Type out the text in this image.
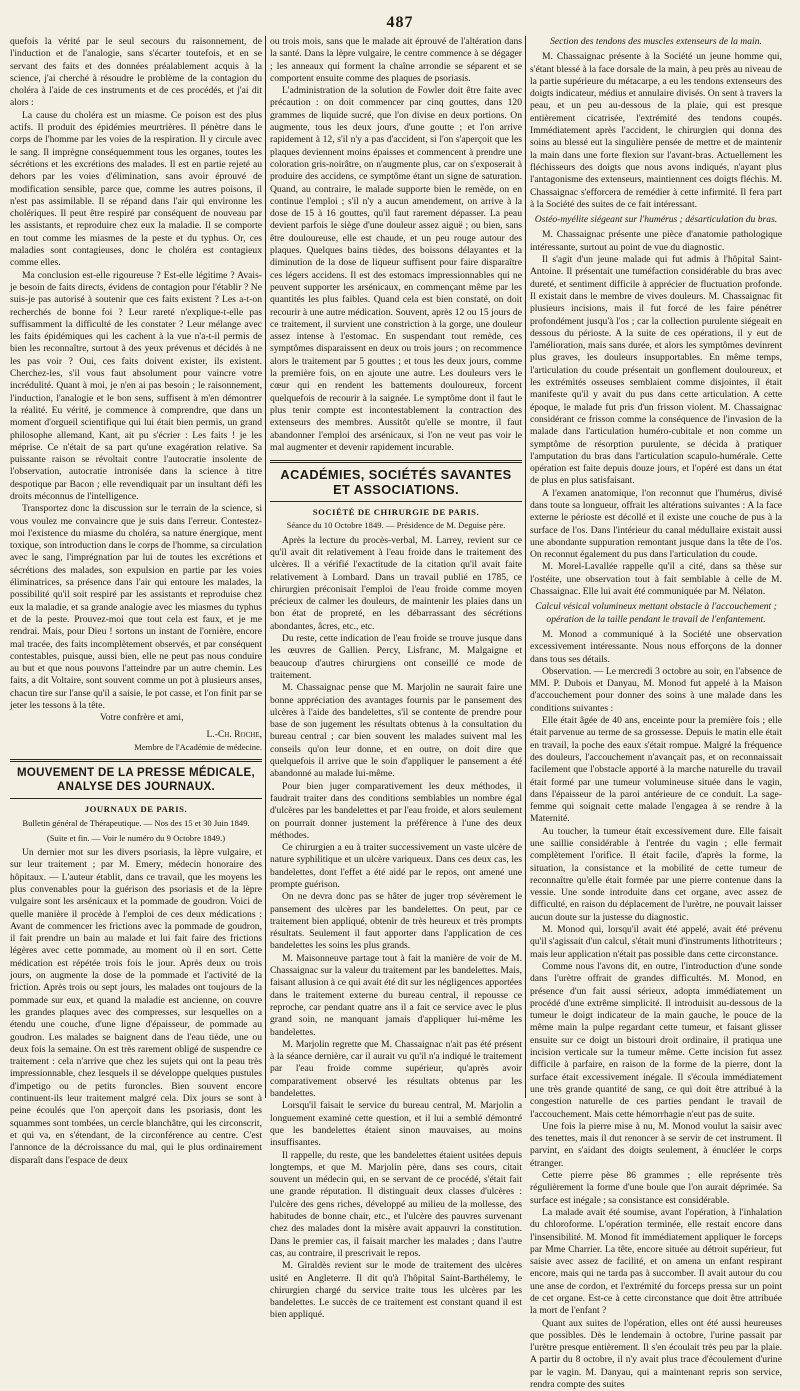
487

quefois la vérité par le seul secours du raisonnement, de l'induction et de l'analogie, sans s'écarter toutefois, et en se servant des faits et des données préalablement acquis à la science, j'ai cherché à résoudre le problème de la contagion du choléra à l'aide de ces instruments et de ces procédés, et j'ai dit alors :

La cause du choléra est un miasme. Ce poison est des plus actifs. Il produit des épidémies meurtrières. Il pénètre dans le corps de l'homme par les voies de la respiration. Il y circule avec le sang. Il imprègne conséquemment tous les organes, toutes les sécrétions et les excrétions des malades. Il est en partie rejeté au dehors par les voies d'élimination, sans avoir éprouvé de modification sensible, parce que, comme les autres poisons, il n'est pas assimilable. Il se répand dans l'air qui environne les cholériques. Il peut être respiré par conséquent de nouveau par les assistants, et reproduire chez eux la maladie. Il se comporte en tout comme les miasmes de la peste et du typhus. Or, ces maladies sont contagieuses, donc le choléra est contagieux comme elles.

Ma conclusion est-elle rigoureuse ? Est-elle légitime ? Avais-je besoin de faits directs, évidens de contagion pour l'établir ? Ne suis-je pas autorisé à soutenir que ces faits existent ? Les a-t-on recherchés de bonne foi ? Leur rareté n'explique-t-elle pas suffisamment la difficulté de les constater ? Leur mélange avec les faits épidémiques qui les cachent à la vue n'a-t-il permis de bien les reconnaître, surtout à des yeux prévenus et décidés à ne les pas voir ? Oui, ces faits doivent exister, ils existent. Cherchez-les, s'il vous faut absolument pour vaincre votre incrédulité. Quant à moi, je n'en ai pas besoin ; le raisonnement, l'induction, l'analogie et le bon sens, suffisent à m'en démontrer la réalité. Eu vérité, je commence à comprendre, que dans un moment d'orgueil scientifique qui lui était bien permis, un grand philosophe allemand, Kant, ait pu s'écrier : Les faits ! je les méprise. Ce n'était de sa part qu'une exagération relative. Sa puissante raison se révoltait contre l'autocratie insolente de l'observation, autocratie intronisée dans la science à titre despotique par Bacon ; elle revendiquait par un insultant défi les droits méconnus de l'intelligence.

Transportez donc la discussion sur le terrain de la science, si vous voulez me convaincre que je suis dans l'erreur. Contestez-moi l'existence du miasme du choléra, sa nature énergique, ment toxique, son introduction dans le corps de l'homme, sa circulation avec le sang, l'imprégnation par lui de toutes les excrétions et sécrétions des malades, son expulsion en partie par les voies éliminatrices, sa présence dans l'air qui entoure les malades, la possibilité qu'il soit respiré par les assistants et reproduise chez eux la maladie, et sa grande analogie avec les miasmes du typhus et de la peste. Prouvez-moi que tout cela est faux, et je me rendrai. Mais, pour Dieu ! sortons un instant de l'ornière, encore mal tracée, des faits incomplètement observés, et par conséquent contestables, puisque, aussi bien, elle ne peut pas nous conduire au but et que nous pouvons l'atteindre par un autre chemin. Les faits, a dit Voltaire, sont souvent comme un pot à plusieurs anses, chacun tire sur l'anse qu'il a saisie, le pot casse, et l'on finit par se jeter les tessons à la tête.

Votre confrère et ami,

L.-Ch. Roche,
Membre de l'Académie de médecine.
MOUVEMENT DE LA PRESSE MÉDICALE, ANALYSE DES JOURNAUX.
JOURNAUX DE PARIS.
Bulletin général de Thérapeutique. — Nos des 15 et 30 Juin 1849.
(Suite et fin. — Voir le numéro du 9 Octobre 1849.)

Un dernier mot sur les divers psoriasis, la lèpre vulgaire, et sur leur traitement ; par M. Emery, médecin honoraire des hôpitaux. — L'auteur établit, dans ce travail, que les moyens les plus convenables pour la guérison des psoriasis et de la lèpre vulgaire sont les arsénicaux et la pommade de goudron. Voici de quelle manière il procède à l'emploi de ces deux médications : Avant de commencer les frictions avec la pommade de goudron, il fait prendre un bain au malade et lui fait faire des frictions légères avec cette pommade, au moment où il en sort. Cette médication est répétée trois fois le jour. Après deux ou trois jours, on augmente la dose de la pommade et l'activité de la friction. Après trois ou sept jours, les malades ont toujours de la pommade sur eux, et quand la maladie est ancienne, on couvre les grandes plaques avec des compresses, sur lesquelles on a étendu une couche, d'une ligne d'épaisseur, de pommade au goudron. Les malades se baignent dans de l'eau tiède, une ou deux fois la semaine. On est très rarement obligé de suspendre ce traitement : cela n'arrive que chez les sujets qui ont la peau très impressionnable, chez lesquels il se développe quelques pustules d'impetigo ou de petits furoncles. Bien souvent encore continuent-ils leur traitement malgré cela. Dix jours se sont à peine écoulés que l'on aperçoit dans les psoriasis, dont les squammes sont tombées, un cercle blanchâtre, qui les circonscrit, et qui va, en s'étendant, de la circonférence au centre. C'est l'annonce de la décroissance du mal, qui le plus ordinairement disparaît dans l'espace de deux

ou trois mois, sans que le malade ait éprouvé de l'altération dans la santé. Dans la lèpre vulgaire, le centre commence à se dégager ; les anneaux qui forment la chaîne arrondie se séparent et se comportent ensuite comme des plaques de psoriasis.

L'administration de la solution de Fowler doit être faite avec précaution : on doit commencer par cinq gouttes, dans 120 grammes de liquide sucré, que l'on divise en deux portions. On augmente, tous les deux jours, d'une goutte ; et l'on arrive rapidement à 12, s'il n'y a pas d'accident, si l'on s'aperçoit que les plaques deviennent moins épaisses et commencent à prendre une coloration gris-noirâtre, on n'augmente plus, car on s'exposerait à produire des accidens, ce symptôme étant un signe de saturation. Quand, au contraire, le malade supporte bien le remède, on en continue l'emploi ; s'il n'y a aucun amendement, on arrive à la dose de 15 à 16 gouttes, qu'il faut rarement dépasser. La peau devient parfois le siège d'une douleur assez aiguë ; ou bien, sans être douloureuse, elle est chaude, et un peu rouge autour des plaques. Quelques bains tièdes, des boissons délayantes et la diminution de la dose de liqueur suffisent pour faire disparaître ces légers accidens. Il est des estomacs impressionnables qui ne peuvent supporter les arsénicaux, en commençant même par les quantités les plus faibles. Quand cela est bien constaté, on doit recourir à une autre médication. Souvent, après 12 ou 15 jours de ce traitement, il survient une constriction à la gorge, une douleur assez intense à l'estomac. En suspendant tout remède, ces symptômes disparaissent en deux ou trois jours ; on recommence alors le traitement par 5 gouttes ; et tous les deux jours, comme la première fois, on en ajoute une autre. Les douleurs vers le cœur qui en rendent les battements douloureux, forcent quelquefois de recourir à la saignée. Le symptôme dont il faut le plus tenir compte est incontestablement la contraction des extenseurs des membres. Aussitôt qu'elle se montre, il faut abandonner l'emploi des arsénicaux, si l'on ne veut pas voir le mal augmenter et devenir rapidement incurable.

ACADÉMIES, SOCIÉTÉS SAVANTES ET ASSOCIATIONS.
SOCIÉTÉ DE CHIRURGIE DE PARIS.
Séance du 10 Octobre 1849. — Présidence de M. Deguise père.

Après la lecture du procès-verbal, M. Larrey, revient sur ce qu'il avait dit relativement à l'eau froide dans le traitement des ulcères. Il a vérifié l'exactitude de la citation qu'il avait faite relativement à Lombard. Dans un travail publié en 1785, ce chirurgien préconisait l'emploi de l'eau froide comme moyen précieux de calmer les douleurs, de maintenir les plaies dans un bon état de propreté, en les débarrassant des sécrétions abondantes, âcres, etc., etc.

Du reste, cette indication de l'eau froide se trouve jusque dans les œuvres de Gallien. Percy, Lisfranc, M. Malgaigne et beaucoup d'autres chirurgiens ont conseillé ce mode de traitement.

M. Chassaignac pense que M. Marjolin ne saurait faire une bonne appréciation des avantages fournis par le pansement des ulcères à l'aide des bandelettes, s'il se contente de prendre pour base de son jugement les résultats obtenus à la consultation du bureau central ; car bien souvent les malades suivent mal les conseils qu'on leur donne, et en outre, on doit dire que quelquefois il arrive que le soin d'appliquer le pansement a été abandonné au malade lui-même.

Pour bien juger comparativement les deux méthodes, il faudrait traiter dans des conditions semblables un nombre égal d'ulcères par les bandelettes et par l'eau froide, et alors seulement on pourrait donner justement la préférence à l'une des deux méthodes.

Ce chirurgien a eu à traiter successivement un vaste ulcère de nature syphilitique et un ulcère variqueux. Dans ces deux cas, les bandelettes, dont l'effet a été aidé par le repos, ont amené une prompte guérison.

On ne devra donc pas se hâter de juger trop sévèrement le pansement des ulcères par les bandelettes. On peut, par ce traitement bien appliqué, obtenir de très heureux et très prompts résultats. Seulement il faut apporter dans l'application de ces bandelettes les soins les plus grands.

M. Maisonneuve partage tout à fait la manière de voir de M. Chassaignac sur la valeur du traitement par les bandelettes. Mais, faisant allusion à ce qui avait été dit sur les négligences apportées dans le traitement externe du bureau central, il repousse ce reproche, car pendant quatre ans il a fait ce service avec le plus grand soin, ne manquant jamais d'appliquer lui-même les bandelettes.

M. Marjolin regrette que M. Chassaignac n'ait pas été présent à la séance dernière, car il aurait vu qu'il n'a indiqué le traitement par l'eau froide comme supérieur, qu'après avoir comparativement observé les résultats obtenus par les bandelettes.

Lorsqu'il faisait le service du bureau central, M. Marjolin a longuement examiné cette question, et il lui a semblé démontré que les bandelettes étaient sinon mauvaises, au moins insuffisantes.

Il rappelle, du reste, que les bandelettes étaient usitées depuis longtemps, et que M. Marjolin père, dans ses cours, citait souvent un médecin qui, en se servant de ce procédé, s'était fait une grande réputation. Il distinguait deux classes d'ulcères : l'ulcère des gens riches, développé au milieu de la mollesse, des habitudes de bonne chair, etc., et l'ulcère des pauvres survenant chez des malades dont la misère avait appauvri la constitution. Dans le premier cas, il faisait marcher les malades ; dans l'autre cas, au contraire, il prescrivait le repos.

M. Giraldès revient sur le mode de traitement des ulcères usité en Angleterre. Il dit qu'à l'hôpital Saint-Barthélemy, le chirurgien chargé du service traite tous les ulcères par les bandelettes. Le succès de ce traitement est constant quand il est bien appliqué.

Section des tendons des muscles extenseurs de la main.

M. Chassaignac présente à la Société un jeune homme qui, s'étant blessé à la face dorsale de la main, à peu près au niveau de la partie supérieure du métacarpe, a eu les tendons extenseurs des doigts indicateur, médius et annulaire divisés. On sent à travers la peau, et un peu au-dessous de la plaie, qui est presque entièrement cicatrisée, l'extrémité des tendons coupés. Immédiatement après l'accident, le chirurgien qui donna des soins au blessé eut la singulière pensée de mettre et de maintenir la main dans une forte flexion sur l'avant-bras. Actuellement les fléchisseurs des doigts que nous avons indiqués, n'ayant plus l'antagonisme des extenseurs, maintiennent ces doigts fléchis. M. Chassaignac s'efforcera de remédier à cette infirmité. Il fera part à la Société des suites de ce fait intéressant.

Ostéo-myélite siégeant sur l'humérus ; désarticulation du bras.

M. Chassaignac présente une pièce d'anatomie pathologique intéressante, surtout au point de vue du diagnostic.

Il s'agit d'un jeune malade qui fut admis à l'hôpital Saint-Antoine. Il présentait une tuméfaction considérable du bras avec dureté, et sentiment difficile à apprécier de fluctuation profonde. Il existait dans le membre de vives douleurs. M. Chassaignac fit plusieurs incisions, mais il fut forcé de les faire pénétrer profondément jusqu'à l'os ; car la collection purulente siégeait en dessous du périoste. A la suite de ces opérations, il y eut de l'amélioration, mais sans durée, et alors les symptômes devinrent plus graves, les douleurs insupportables. En même temps, l'articulation du coude présentait un gonflement douloureux, et les extrémités osseuses semblaient comme disjointes, il était manifeste qu'il y avait du pus dans cette articulation. A cette époque, le malade fut pris d'un frisson violent. M. Chassaignac considérant ce frisson comme la conséquence de l'invasion de la malade dans l'articulation huméro-cubitale et non comme un symptôme de résorption purulente, se décida à pratiquer l'amputation du bras dans l'articulation scapulo-humérale. Cette opération est faite depuis douze jours, et l'opéré est dans un état de plus en plus satisfaisant.

A l'examen anatomique, l'on reconnut que l'humérus, divisé dans toute sa longueur, offrait les altérations suivantes : A la face externe le périoste est décollé et il existe une couche de pus à la surface de l'os. Dans l'intérieur du canal médullaire existait aussi une abondante suppuration remontant jusque dans la tête de l'os. On reconnut également du pus dans l'articulation du coude.

M. Morel-Lavallée rappelle qu'il a cité, dans sa thèse sur l'ostéite, une observation tout à fait semblable à celle de M. Chassaignac. Elle lui avait été communiquée par M. Nélaton.

Calcul vésical volumineux mettant obstacle à l'accouchement ; opération de la taille pendant le travail de l'enfantement.

M. Monod a communiqué à la Société une observation excessivement intéressante. Nous nous efforçons de la donner dans tous ses détails.

Observation. — Le mercredi 3 octobre au soir, en l'absence de MM. P. Dubois et Danyau, M. Monod fut appelé à la Maison d'accouchement pour donner des soins à une malade dans les conditions suivantes :

Elle était âgée de 40 ans, enceinte pour la première fois ; elle était parvenue au terme de sa grossesse. Depuis le matin elle était en travail, la poche des eaux s'était rompue. Malgré la fréquence des douleurs, l'accouchement n'avançait pas, et on reconnaissait facilement que l'obstacle apporté à la marche naturelle du travail était formé par une tumeur volumineuse située dans le vagin, dans l'épaisseur de la paroi antérieure de ce conduit. La sage-femme qui soignait cette malade l'engagea à se rendre à la Maternité.

Au toucher, la tumeur était excessivement dure. Elle faisait une saillie considérable à l'entrée du vagin ; elle fermait complètement l'orifice. Il était facile, d'après la forme, la situation, la consistance et la mobilité de cette tumeur de reconnaître qu'elle était formée par une pierre contenue dans la vessie. Une sonde introduite dans cet organe, avec assez de difficulté, en raison du déplacement de l'urètre, ne pouvait laisser aucun doute sur la justesse du diagnostic.

M. Monod qui, lorsqu'il avait été appelé, avait été prévenu qu'il s'agissait d'un calcul, s'était muni d'instruments lithotriteurs ; mais leur application n'était pas possible dans cette circonstance.

Comme nous l'avons dit, en outre, l'introduction d'une sonde dans l'urètre offrait de grandes difficultés. M. Monod, en présence d'un fait aussi sérieux, adopta immédiatement un procédé d'une extrême simplicité. Il introduisit au-dessous de la tumeur le doigt indicateur de la main gauche, le pouce de la même main la pulpe regardant cette tumeur, et faisant glisser ensuite sur ce doigt un bistouri droit ordinaire, il pratiqua une incision verticale sur la tumeur même. Cette incision fut assez difficile à parfaire, en raison de la forme de la pierre, dont la surface était excessivement inégale. Il s'écoula immédiatement une très grande quantité de sang, ce qui doit être attribué à la congestion naturelle de ces parties pendant le travail de l'accouchement. Mais cette hémorrhagie n'eut pas de suite.

Une fois la pierre mise à nu, M. Monod voulut la saisir avec des tenettes, mais il dut renoncer à se servir de cet instrument. Il parvint, en s'aidant des doigts seulement, à énucléer le corps étranger.

Cette pierre pèse 86 grammes ; elle représente très régulièrement la forme d'une boule que l'on aurait déprimée. Sa surface est inégale ; sa consistance est considérable.

La malade avait été soumise, avant l'opération, à l'inhalation du chloroforme. L'opération terminée, elle restait encore dans l'insensibilité. M. Monod fit immédiatement appliquer le forceps par Mme Charrier. La tête, encore située au détroit supérieur, fut saisie avec assez de facilité, et on amena un enfant respirant encore, mais qui ne tarda pas à succomber. Il avait autour du cou une anse de cordon, et l'extrémité du forceps pressa sur un point de cet organe. Est-ce à cette circonstance que doit être attribuée la mort de l'enfant ?

Quant aux suites de l'opération, elles ont été aussi heureuses que possibles. Dès le lendemain à octobre, l'urine passait par l'urètre presque entièrement. Il s'en écoulait très peu par la plaie. A partir du 8 octobre, il n'y avait plus trace d'écoulement d'urine par le vagin. M. Danyau, qui a maintenant repris son service, rendra compte des suites
